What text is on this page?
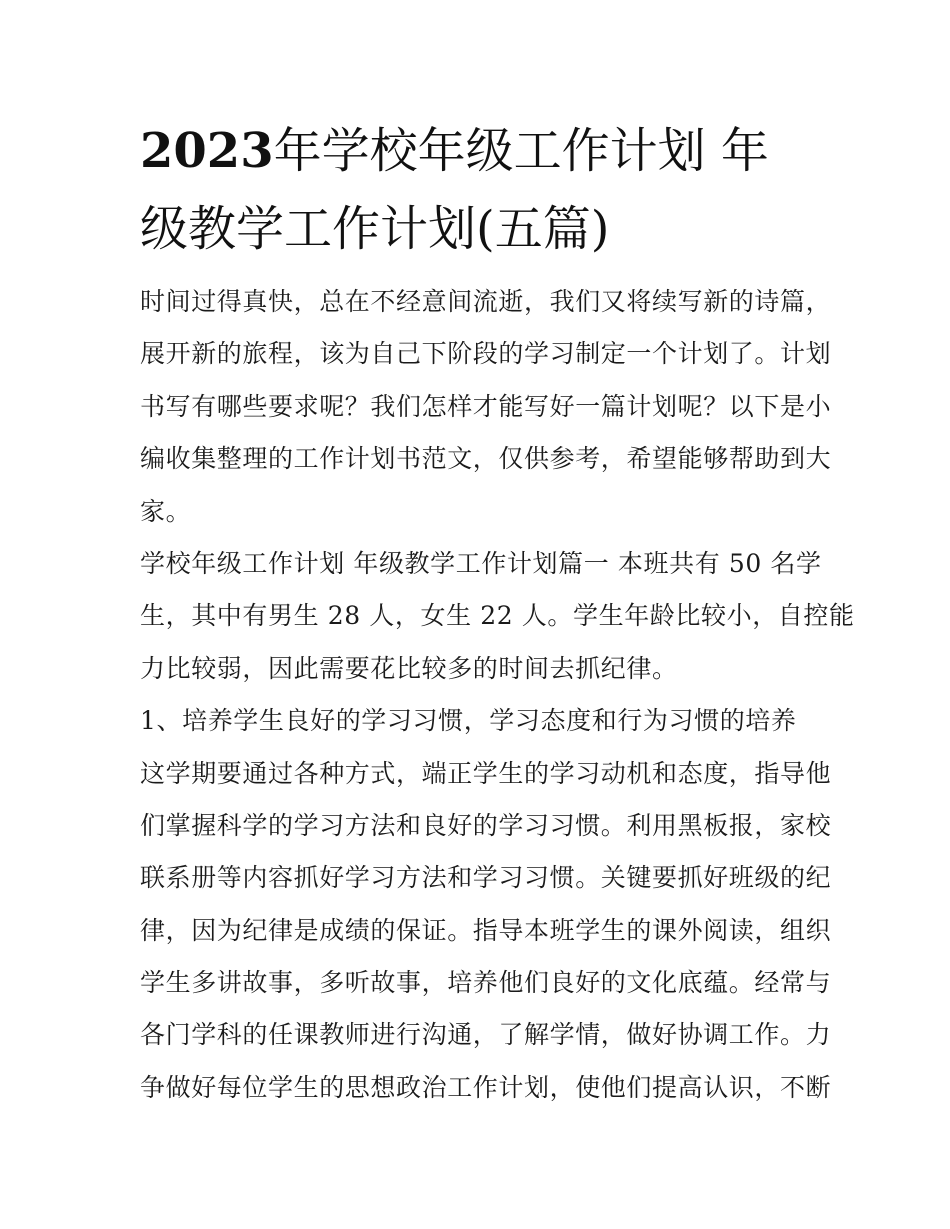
2023年学校年级工作计划 年
级教学工作计划(五篇)
时间过得真快，总在不经意间流逝，我们又将续写新的诗篇，
展开新的旅程，该为自己下阶段的学习制定一个计划了。计划
书写有哪些要求呢？我们怎样才能写好一篇计划呢？以下是小
编收集整理的工作计划书范文，仅供参考，希望能够帮助到大
家。
学校年级工作计划 年级教学工作计划篇一 本班共有 50 名学
生，其中有男生 28 人，女生 22 人。学生年龄比较小，自控能
力比较弱，因此需要花比较多的时间去抓纪律。
1、培养学生良好的学习习惯，学习态度和行为习惯的培养
这学期要通过各种方式，端正学生的学习动机和态度，指导他
们掌握科学的学习方法和良好的学习习惯。利用黑板报，家校
联系册等内容抓好学习方法和学习习惯。关键要抓好班级的纪
律，因为纪律是成绩的保证。指导本班学生的课外阅读，组织
学生多讲故事，多听故事，培养他们良好的文化底蕴。经常与
各门学科的任课教师进行沟通，了解学情，做好协调工作。力
争做好每位学生的思想政治工作计划，使他们提高认识，不断
